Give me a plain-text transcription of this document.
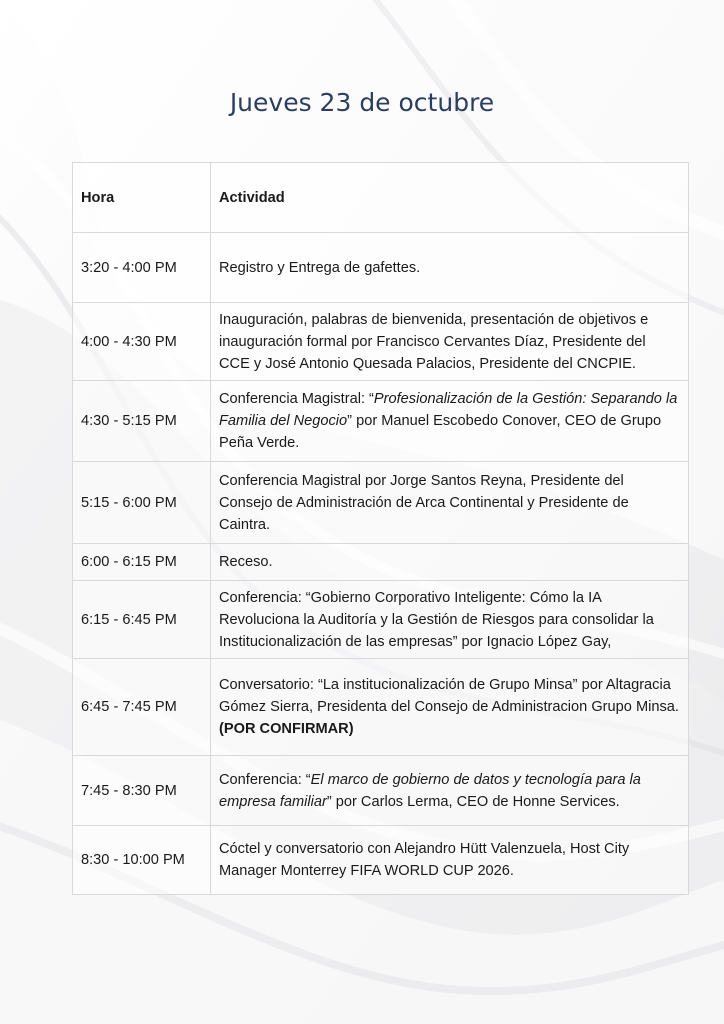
Jueves 23 de octubre
Hora	Actividad
3:20 - 4:00 PM	Registro y Entrega de gafettes.
4:00 - 4:30 PM	Inauguración, palabras de bienvenida, presentación de objetivos e inauguración formal por Francisco Cervantes Díaz, Presidente del CCE y José Antonio Quesada Palacios, Presidente del CNCPIE.
4:30 - 5:15 PM	Conferencia Magistral: “Profesionalización de la Gestión: Separando la Familia del Negocio” por Manuel Escobedo Conover, CEO de Grupo Peña Verde.
5:15 - 6:00 PM	Conferencia Magistral por Jorge Santos Reyna, Presidente del Consejo de Administración de Arca Continental y Presidente de Caintra.
6:00 - 6:15 PM	Receso.
6:15 - 6:45 PM	Conferencia: “Gobierno Corporativo Inteligente: Cómo la IA Revoluciona la Auditoría y la Gestión de Riesgos para consolidar la Institucionalización de las empresas” por Ignacio López Gay,
6:45 - 7:45 PM	Conversatorio: “La institucionalización de Grupo Minsa” por Altagracia Gómez Sierra, Presidenta del Consejo de Administracion Grupo Minsa. (POR CONFIRMAR)
7:45 - 8:30 PM	Conferencia: “El marco de gobierno de datos y tecnología para la empresa familiar” por Carlos Lerma, CEO de Honne Services.
8:30 - 10:00 PM	Cóctel y conversatorio con Alejandro Hütt Valenzuela, Host City Manager Monterrey FIFA WORLD CUP 2026.
